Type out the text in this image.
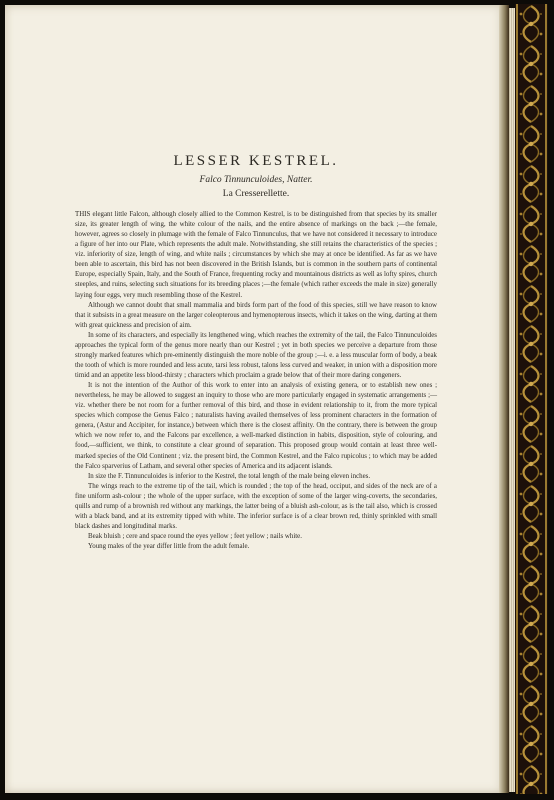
LESSER KESTREL.
Falco Tinnunculoides, Natter.
La Cresserellette.

THIS elegant little Falcon, although closely allied to the Common Kestrel, is to be distinguished from that species by its smaller size, its greater length of wing, the white colour of the nails, and the entire absence of markings on the back ;—the female, however, agrees so closely in plumage with the female of Falco Tinnunculus, that we have not considered it necessary to introduce a figure of her into our Plate, which represents the adult male. Notwithstanding, she still retains the characteristics of the species ; viz. inferiority of size, length of wing, and white nails ; circumstances by which she may at once be identified. As far as we have been able to ascertain, this bird has not been discovered in the British Islands, but is common in the southern parts of continental Europe, especially Spain, Italy, and the South of France, frequenting rocky and mountainous districts as well as lofty spires, church steeples, and ruins, selecting such situations for its breeding places ;—the female (which rather exceeds the male in size) generally laying four eggs, very much resembling those of the Kestrel.

Although we cannot doubt that small mammalia and birds form part of the food of this species, still we have reason to know that it subsists in a great measure on the larger coleopterous and hymenopterous insects, which it takes on the wing, darting at them with great quickness and precision of aim.

In some of its characters, and especially its lengthened wing, which reaches the extremity of the tail, the Falco Tinnunculoides approaches the typical form of the genus more nearly than our Kestrel ; yet in both species we perceive a departure from those strongly marked features which pre-eminently distinguish the more noble of the group ;—i. e. a less muscular form of body, a beak the tooth of which is more rounded and less acute, tarsi less robust, talons less curved and weaker, in union with a disposition more timid and an appetite less blood-thirsty ; characters which proclaim a grade below that of their more daring congeners.

It is not the intention of the Author of this work to enter into an analysis of existing genera, or to establish new ones ; nevertheless, he may be allowed to suggest an inquiry to those who are more particularly engaged in systematic arrangements ;—viz. whether there be not room for a further removal of this bird, and those in evident relationship to it, from the more typical species which compose the Genus Falco ; naturalists having availed themselves of less prominent characters in the formation of genera, (Astur and Accipiter, for instance,) between which there is the closest affinity. On the contrary, there is between the group which we now refer to, and the Falcons par excellence, a well-marked distinction in habits, disposition, style of colouring, and food,—sufficient, we think, to constitute a clear ground of separation. This proposed group would contain at least three well-marked species of the Old Continent ; viz. the present bird, the Common Kestrel, and the Falco rupicolus ; to which may be added the Falco sparverius of Latham, and several other species of America and its adjacent islands.

In size the F. Tinnunculoides is inferior to the Kestrel, the total length of the male being eleven inches.

The wings reach to the extreme tip of the tail, which is rounded ; the top of the head, occiput, and sides of the neck are of a fine uniform ash-colour ; the whole of the upper surface, with the exception of some of the larger wing-coverts, the secondaries, quills and rump of a brownish red without any markings, the latter being of a bluish ash-colour, as is the tail also, which is crossed with a black band, and at its extremity tipped with white. The inferior surface is of a clear brown red, thinly sprinkled with small black dashes and longitudinal marks.

Beak bluish ; cere and space round the eyes yellow ; feet yellow ; nails white.

Young males of the year differ little from the adult female.
